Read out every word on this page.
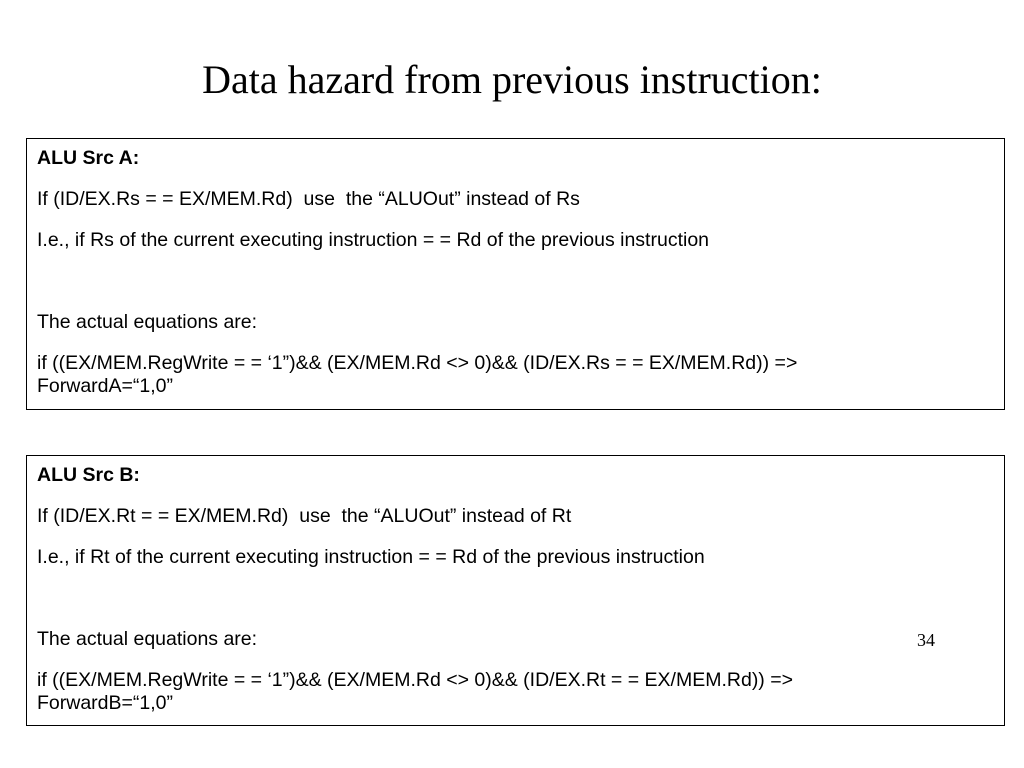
Data hazard from previous instruction:

ALU Src A:

If (ID/EX.Rs = = EX/MEM.Rd)  use  the “ALUOut” instead of Rs

I.e., if Rs of the current executing instruction = = Rd of the previous instruction

The actual equations are:

if ((EX/MEM.RegWrite = = ‘1”)&& (EX/MEM.Rd <> 0)&& (ID/EX.Rs = = EX/MEM.Rd)) =>

ForwardA=“1,0”

ALU Src B:

If (ID/EX.Rt = = EX/MEM.Rd)  use  the “ALUOut” instead of Rt

I.e., if Rt of the current executing instruction = = Rd of the previous instruction

The actual equations are:

if ((EX/MEM.RegWrite = = ‘1”)&& (EX/MEM.Rd <> 0)&& (ID/EX.Rt = = EX/MEM.Rd)) =>

ForwardB=“1,0”

34
